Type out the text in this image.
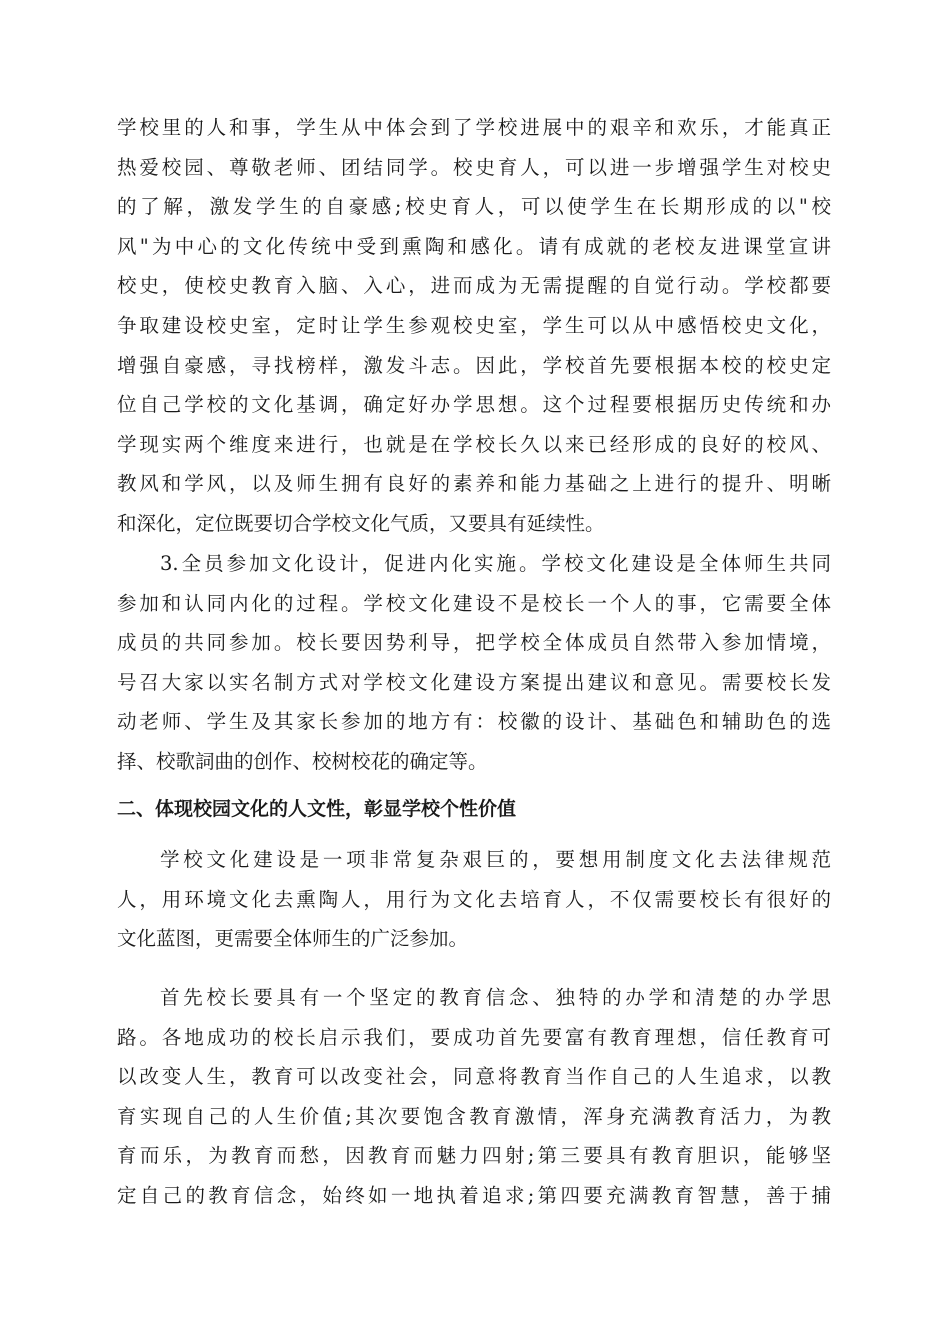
学校里的人和事，学生从中体会到了学校进展中的艰辛和欢乐，才能真正
热爱校园、尊敬老师、团结同学。校史育人，可以进一步增强学生对校史
的了解，激发学生的自豪感;校史育人，可以使学生在长期形成的以"校
风"为中心的文化传统中受到熏陶和感化。请有成就的老校友进课堂宣讲
校史，使校史教育入脑、入心，进而成为无需提醒的自觉行动。学校都要
争取建设校史室，定时让学生参观校史室，学生可以从中感悟校史文化，
增强自豪感，寻找榜样，激发斗志。因此，学校首先要根据本校的校史定
位自己学校的文化基调，确定好办学思想。这个过程要根据历史传统和办
学现实两个维度来进行，也就是在学校长久以来已经形成的良好的校风、
教风和学风，以及师生拥有良好的素养和能力基础之上进行的提升、明晰
和深化，定位既要切合学校文化气质，又要具有延续性。
3.全员参加文化设计，促进内化实施。学校文化建设是全体师生共同
参加和认同内化的过程。学校文化建设不是校长一个人的事，它需要全体
成员的共同参加。校长要因势利导，把学校全体成员自然带入参加情境，
号召大家以实名制方式对学校文化建设方案提出建议和意见。需要校长发
动老师、学生及其家长参加的地方有：校徽的设计、基础色和辅助色的选
择、校歌詞曲的创作、校树校花的确定等。
二、体现校园文化的人文性，彰显学校个性价值
学校文化建设是一项非常复杂艰巨的，要想用制度文化去法律规范
人，用环境文化去熏陶人，用行为文化去培育人，不仅需要校长有很好的
文化蓝图，更需要全体师生的广泛参加。
首先校长要具有一个坚定的教育信念、独特的办学和清楚的办学思
路。各地成功的校长启示我们，要成功首先要富有教育理想，信任教育可
以改变人生，教育可以改变社会，同意将教育当作自己的人生追求，以教
育实现自己的人生价值;其次要饱含教育激情，浑身充满教育活力，为教
育而乐，为教育而愁，因教育而魅力四射;第三要具有教育胆识，能够坚
定自己的教育信念，始终如一地执着追求;第四要充满教育智慧，善于捕
